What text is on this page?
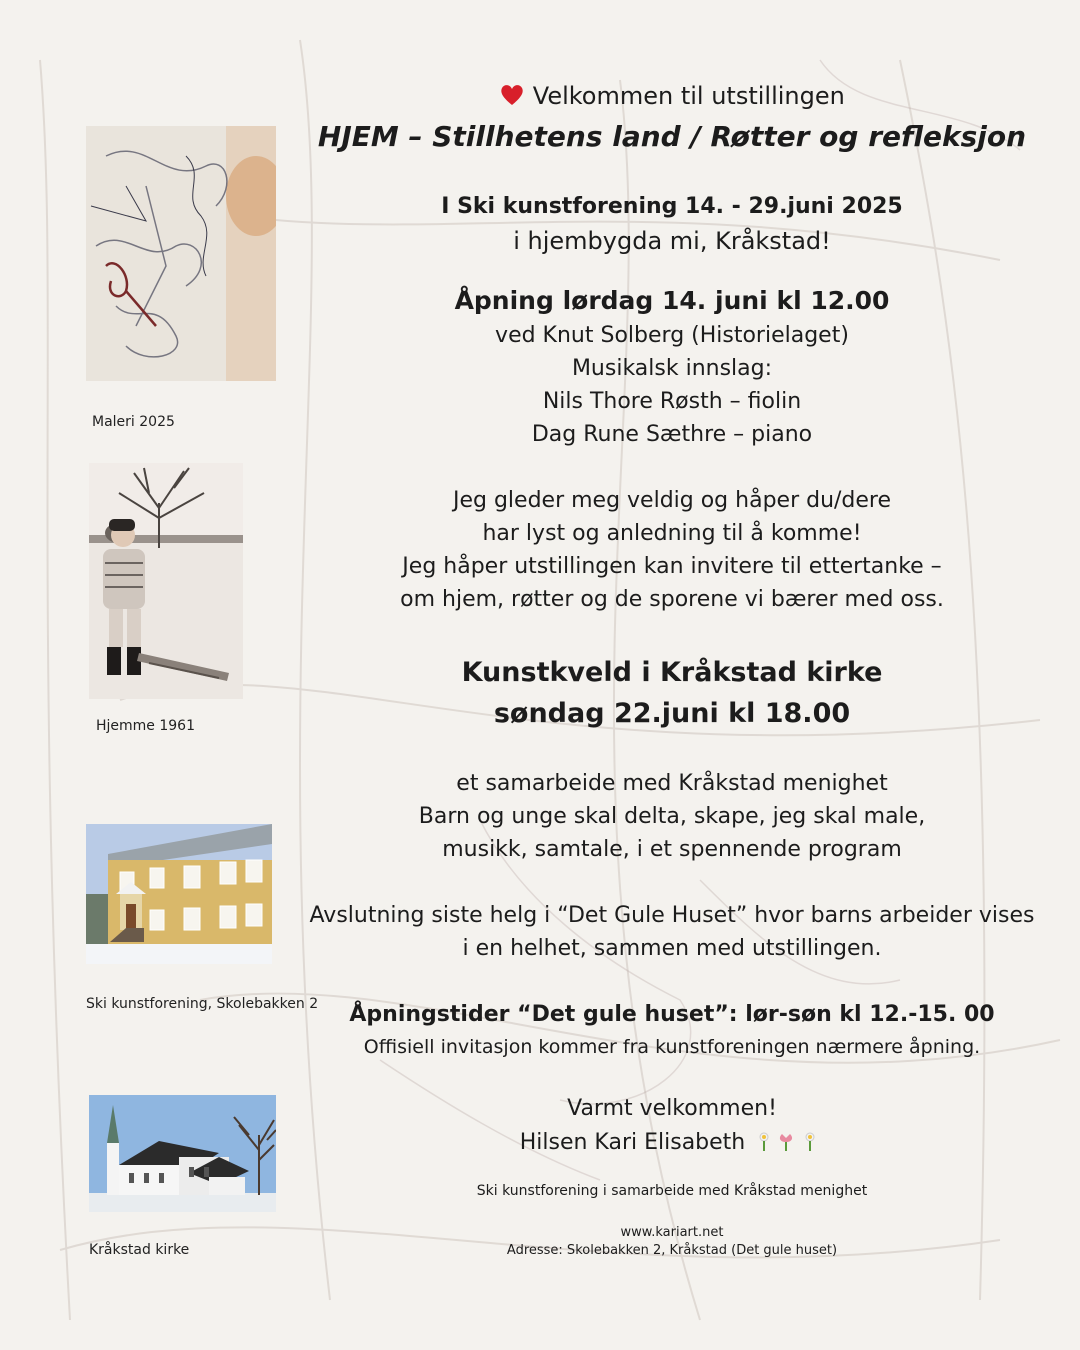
Velkommen til utstillingen
HJEM – Stillhetens land / Røtter og refleksjon
I Ski kunstforening 14. - 29.juni 2025
i hjembygda mi, Kråkstad!
Åpning lørdag 14. juni kl 12.00
ved Knut Solberg (Historielaget)
Musikalsk innslag:
Nils Thore Røsth – fiolin
Dag Rune Sæthre – piano
Jeg gleder meg veldig og håper du/dere
har lyst og anledning til å komme!
Jeg håper utstillingen kan invitere til ettertanke –
om hjem, røtter og de sporene vi bærer med oss.
Kunstkveld i Kråkstad kirke
søndag 22.juni kl 18.00
et samarbeide med Kråkstad menighet
Barn og unge skal delta, skape, jeg skal male,
musikk, samtale, i et spennende program
Avslutning siste helg i “Det Gule Huset” hvor barns arbeider vises
i en helhet, sammen med utstillingen.
Åpningstider “Det gule huset”: lør-søn kl 12.-15. 00
Offisiell invitasjon kommer fra kunstforeningen nærmere åpning.
Varmt velkommen!
Hilsen Kari Elisabeth
Ski kunstforening i samarbeide med Kråkstad menighet
www.kariart.net
Adresse: Skolebakken 2, Kråkstad (Det gule huset)
Maleri 2025
Hjemme 1961
Ski kunstforening, Skolebakken 2
Kråkstad kirke
